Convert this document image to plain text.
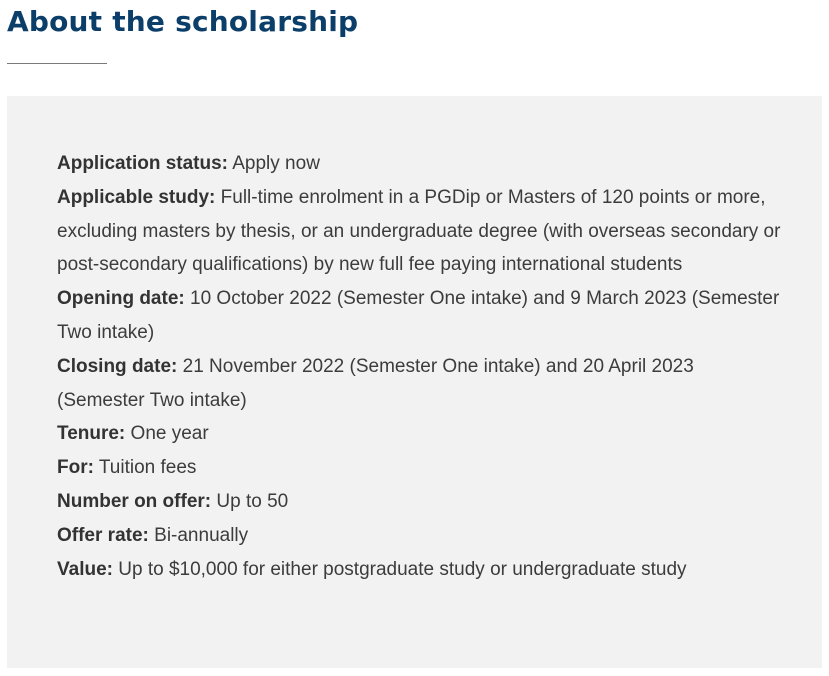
About the scholarship
Application status: Apply now
Applicable study: Full-time enrolment in a PGDip or Masters of 120 points or more, excluding masters by thesis, or an undergraduate degree (with overseas secondary or post-secondary qualifications) by new full fee paying international students
Opening date: 10 October 2022 (Semester One intake) and 9 March 2023 (Semester Two intake)
Closing date: 21 November 2022 (Semester One intake) and 20 April 2023 (Semester Two intake)
Tenure: One year
For: Tuition fees
Number on offer: Up to 50
Offer rate: Bi-annually
Value: Up to $10,000 for either postgraduate study or undergraduate study
